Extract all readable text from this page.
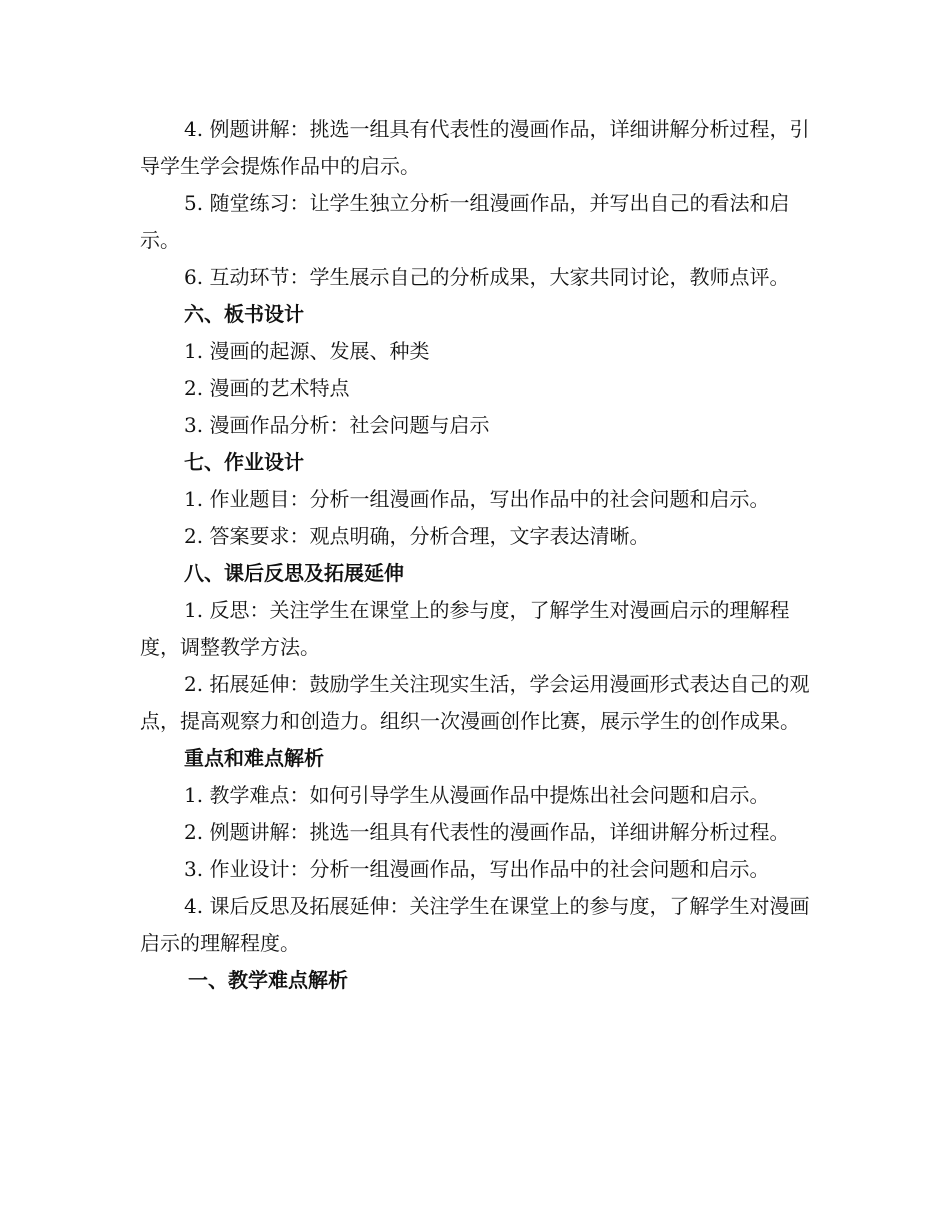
4. 例题讲解：挑选一组具有代表性的漫画作品，详细讲解分析过程，引导学生学会提炼作品中的启示。

5. 随堂练习：让学生独立分析一组漫画作品，并写出自己的看法和启示。

6. 互动环节：学生展示自己的分析成果，大家共同讨论，教师点评。

六、板书设计

1. 漫画的起源、发展、种类

2. 漫画的艺术特点

3. 漫画作品分析：社会问题与启示

七、作业设计

1. 作业题目：分析一组漫画作品，写出作品中的社会问题和启示。

2. 答案要求：观点明确，分析合理，文字表达清晰。

八、课后反思及拓展延伸

1. 反思：关注学生在课堂上的参与度，了解学生对漫画启示的理解程度，调整教学方法。

2. 拓展延伸：鼓励学生关注现实生活，学会运用漫画形式表达自己的观点，提高观察力和创造力。组织一次漫画创作比赛，展示学生的创作成果。

重点和难点解析

1. 教学难点：如何引导学生从漫画作品中提炼出社会问题和启示。

2. 例题讲解：挑选一组具有代表性的漫画作品，详细讲解分析过程。

3. 作业设计：分析一组漫画作品，写出作品中的社会问题和启示。

4. 课后反思及拓展延伸：关注学生在课堂上的参与度，了解学生对漫画启示的理解程度。

一、教学难点解析
